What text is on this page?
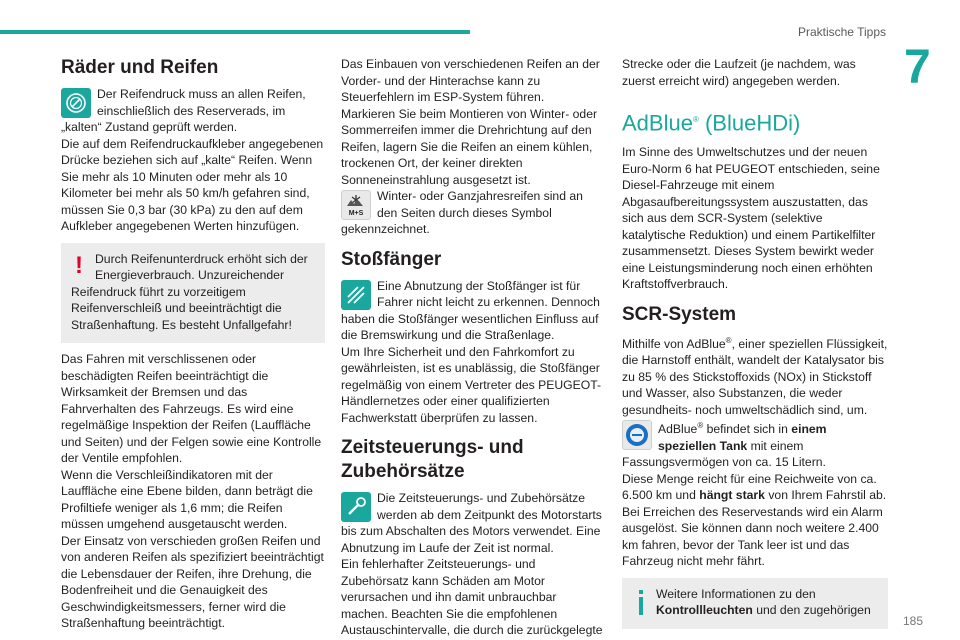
Praktische Tipps
7
Räder und Reifen

Der Reifendruck muss an allen Reifen, einschließlich des Reserverads, im „kalten“ Zustand geprüft werden.

Die auf dem Reifendruckaufkleber angegebenen Drücke beziehen sich auf „kalte“ Reifen. Wenn Sie mehr als 10 Minuten oder mehr als 10 Kilometer bei mehr als 50 km/h gefahren sind, müssen Sie 0,3 bar (30 kPa) zu den auf dem Aufkleber angegebenen Werten hinzufügen.

! Durch Reifenunterdruck erhöht sich der Energieverbrauch. Unzureichender Reifendruck führt zu vorzeitigem Reifenverschleiß und beeinträchtigt die Straßenhaftung. Es besteht Unfallgefahr!

Das Fahren mit verschlissenen oder beschädigten Reifen beeinträchtigt die Wirksamkeit der Bremsen und das Fahrverhalten des Fahrzeugs. Es wird eine regelmäßige Inspektion der Reifen (Lauffläche und Seiten) und der Felgen sowie eine Kontrolle der Ventile empfohlen.

Wenn die Verschleißindikatoren mit der Lauffläche eine Ebene bilden, dann beträgt die Profiltiefe weniger als 1,6 mm; die Reifen müssen umgehend ausgetauscht werden.

Der Einsatz von verschieden großen Reifen und von anderen Reifen als spezifiziert beeinträchtigt die Lebensdauer der Reifen, ihre Drehung, die Bodenfreiheit und die Genauigkeit des Geschwindigkeitsmessers, ferner wird die Straßenhaftung beeinträchtigt.

Das Einbauen von verschiedenen Reifen an der Vorder- und der Hinterachse kann zu Steuerfehlern im ESP-System führen.

Markieren Sie beim Montieren von Winter- oder Sommerreifen immer die Drehrichtung auf den Reifen, lagern Sie die Reifen an einem kühlen, trockenen Ort, der keiner direkten Sonneneinstrahlung ausgesetzt ist.

M+S

Winter- oder Ganzjahresreifen sind an den Seiten durch dieses Symbol gekennzeichnet.

Stoßfänger

Eine Abnutzung der Stoßfänger ist für Fahrer nicht leicht zu erkennen. Dennoch haben die Stoßfänger wesentlichen Einfluss auf die Bremswirkung und die Straßenlage.

Um Ihre Sicherheit und den Fahrkomfort zu gewährleisten, ist es unablässig, die Stoßfänger regelmäßig von einem Vertreter des PEUGEOT-Händlernetzes oder einer qualifizierten Fachwerkstatt überprüfen zu lassen.

Zeitsteuerungs- und Zubehörsätze

Die Zeitsteuerungs- und Zubehörsätze werden ab dem Zeitpunkt des Motorstarts bis zum Abschalten des Motors verwendet. Eine Abnutzung im Laufe der Zeit ist normal.

Ein fehlerhafter Zeitsteuerungs- und Zubehörsatz kann Schäden am Motor verursachen und ihn damit unbrauchbar machen. Beachten Sie die empfohlenen Austauschintervalle, die durch die zurückgelegte

Strecke oder die Laufzeit (je nachdem, was zuerst erreicht wird) angegeben werden.

AdBlue® (BlueHDi)

Im Sinne des Umweltschutzes und der neuen Euro-Norm 6 hat PEUGEOT entschieden, seine Diesel-Fahrzeuge mit einem Abgasaufbereitungssystem auszustatten, das sich aus dem SCR-System (selektive katalytische Reduktion) und einem Partikelfilter zusammensetzt. Dieses System bewirkt weder eine Leistungsminderung noch einen erhöhten Kraftstoffverbrauch.

SCR-System

Mithilfe von AdBlue®, einer speziellen Flüssigkeit, die Harnstoff enthält, wandelt der Katalysator bis zu 85 % des Stickstoffoxids (NOx) in Stickstoff und Wasser, also Substanzen, die weder gesundheits- noch umweltschädlich sind, um.

AdBlue® befindet sich in einem speziellen Tank mit einem Fassungsvermögen von ca. 15 Litern.

Diese Menge reicht für eine Reichweite von ca. 6.500 km und hängt stark von Ihrem Fahrstil ab.

Bei Erreichen des Reservestands wird ein Alarm ausgelöst. Sie können dann noch weitere 2.400 km fahren, bevor der Tank leer ist und das Fahrzeug nicht mehr fährt.

Weitere Informationen zu den Kontrollleuchten und den zugehörigen

185
